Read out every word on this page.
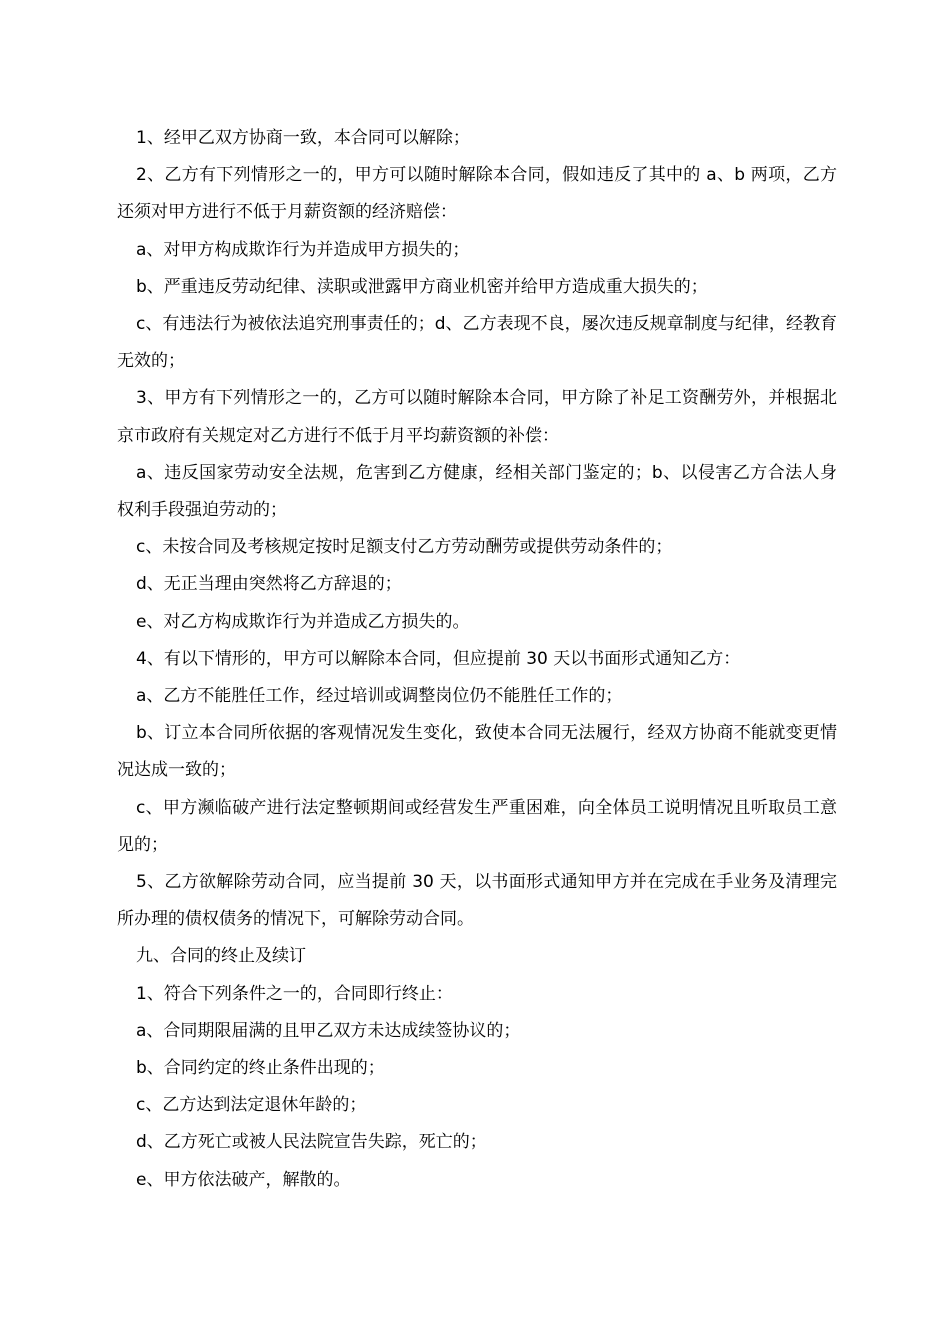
1、经甲乙双方协商一致，本合同可以解除；

2、乙方有下列情形之一的，甲方可以随时解除本合同，假如违反了其中的 a、b 两项，乙方还须对甲方进行不低于月薪资额的经济赔偿：

a、对甲方构成欺诈行为并造成甲方损失的；

b、严重违反劳动纪律、渎职或泄露甲方商业机密并给甲方造成重大损失的；

c、有违法行为被依法追究刑事责任的；d、乙方表现不良，屡次违反规章制度与纪律，经教育无效的；

3、甲方有下列情形之一的，乙方可以随时解除本合同，甲方除了补足工资酬劳外，并根据北京市政府有关规定对乙方进行不低于月平均薪资额的补偿：

a、违反国家劳动安全法规，危害到乙方健康，经相关部门鉴定的；b、以侵害乙方合法人身权利手段强迫劳动的；

c、未按合同及考核规定按时足额支付乙方劳动酬劳或提供劳动条件的；

d、无正当理由突然将乙方辞退的；

e、对乙方构成欺诈行为并造成乙方损失的。

4、有以下情形的，甲方可以解除本合同，但应提前 30 天以书面形式通知乙方：

a、乙方不能胜任工作，经过培训或调整岗位仍不能胜任工作的；

b、订立本合同所依据的客观情况发生变化，致使本合同无法履行，经双方协商不能就变更情况达成一致的；

c、甲方濒临破产进行法定整顿期间或经营发生严重困难，向全体员工说明情况且听取员工意见的；

5、乙方欲解除劳动合同，应当提前 30 天，以书面形式通知甲方并在完成在手业务及清理完所办理的债权债务的情况下，可解除劳动合同。

九、合同的终止及续订

1、符合下列条件之一的，合同即行终止：

a、合同期限届满的且甲乙双方未达成续签协议的；

b、合同约定的终止条件出现的；

c、乙方达到法定退休年龄的；

d、乙方死亡或被人民法院宣告失踪，死亡的；

e、甲方依法破产，解散的。
